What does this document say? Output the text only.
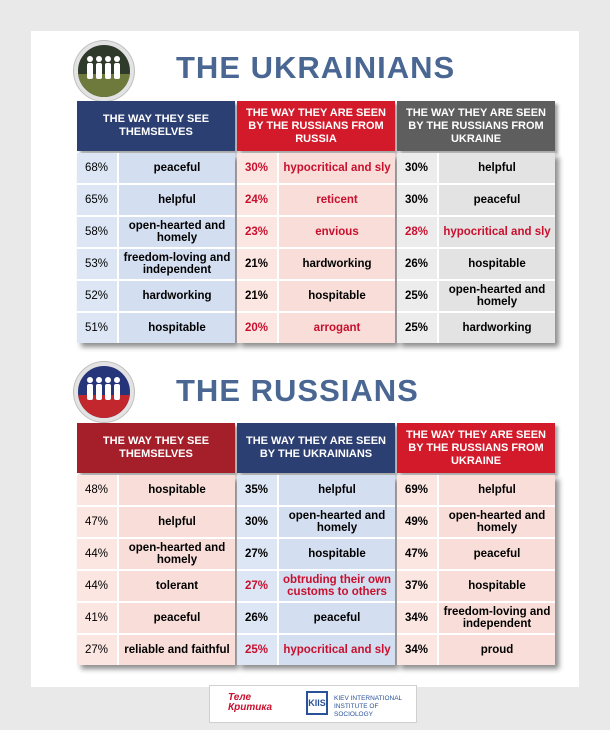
THE UKRAINIANS
THE RUSSIANS
THE WAY THEY SEE THEMSELVES
68%	peaceful
65%	helpful
58%	open-hearted and homely
53%	freedom-loving and independent
52%	hardworking
51%	hospitable
THE WAY THEY ARE SEEN BY THE RUSSIANS FROM RUSSIA
30%	hypocritical and sly
24%	reticent
23%	envious
21%	hardworking
21%	hospitable
20%	arrogant
THE WAY THEY ARE SEEN BY THE RUSSIANS FROM UKRAINE
30%	helpful
30%	peaceful
28%	hypocritical and sly
26%	hospitable
25%	open-hearted and homely
25%	hardworking
THE WAY THEY SEE THEMSELVES
48%	hospitable
47%	helpful
44%	open-hearted and homely
44%	tolerant
41%	peaceful
27%	reliable and faithful
THE WAY THEY ARE SEEN BY THE UKRAINIANS
35%	helpful
30%	open-hearted and homely
27%	hospitable
27%	obtruding their own customs to others
26%	peaceful
25%	hypocritical and sly
THE WAY THEY ARE SEEN BY THE RUSSIANS FROM UKRAINE
69%	helpful
49%	open-hearted and homely
47%	peaceful
37%	hospitable
34%	freedom-loving and independent
34%	proud
Теле
Критика	KIIS	KIEV INTERNATIONAL
INSTITUTE OF SOCIOLOGY
